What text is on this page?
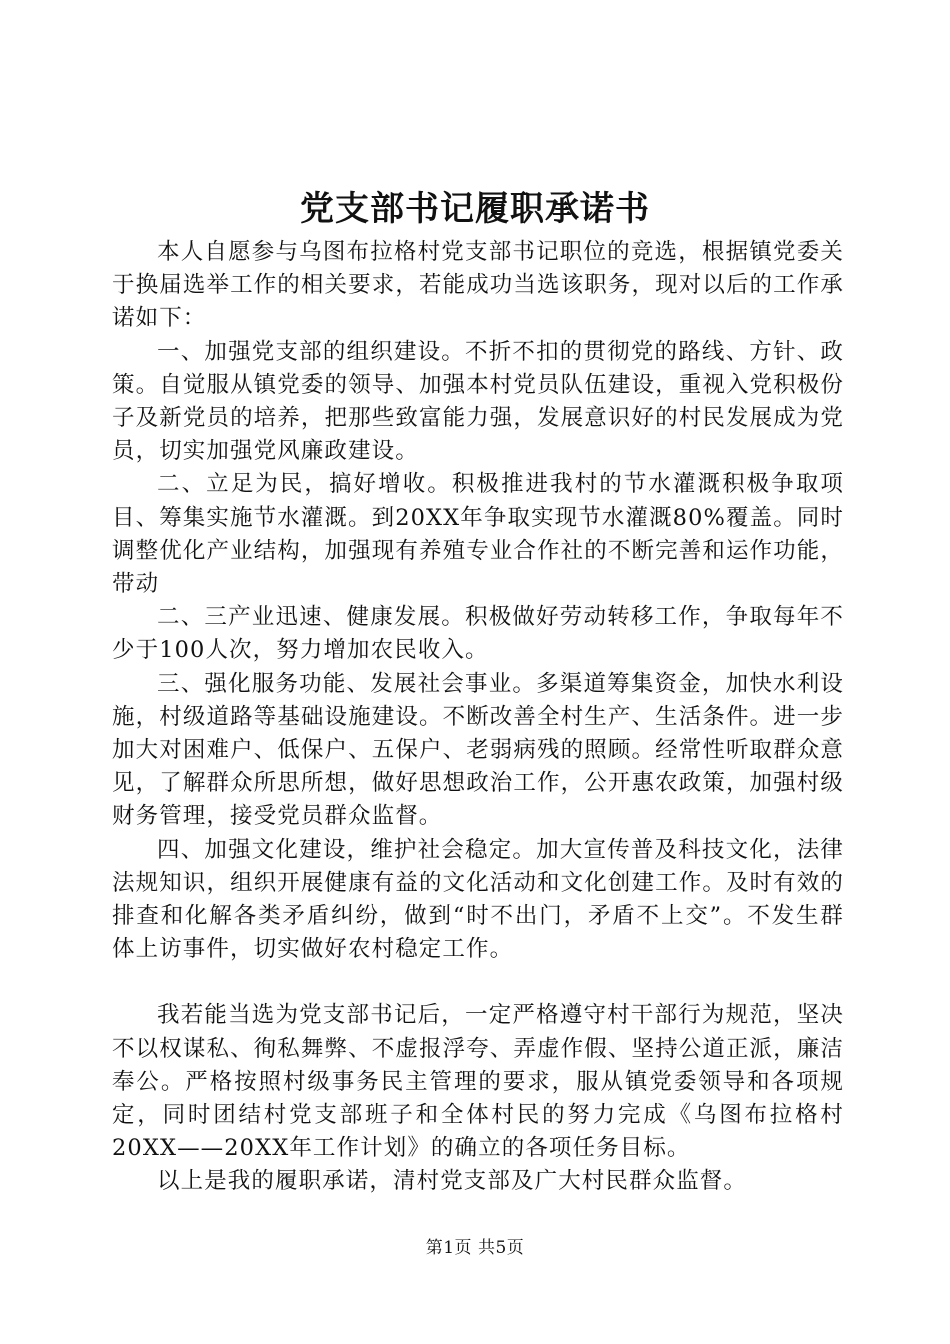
党支部书记履职承诺书

本人自愿参与乌图布拉格村党支部书记职位的竞选，根据镇党委关于换届选举工作的相关要求，若能成功当选该职务，现对以后的工作承诺如下：

一、加强党支部的组织建设。不折不扣的贯彻党的路线、方针、政策。自觉服从镇党委的领导、加强本村党员队伍建设，重视入党积极份子及新党员的培养，把那些致富能力强，发展意识好的村民发展成为党员，切实加强党风廉政建设。

二、立足为民，搞好增收。积极推进我村的节水灌溉积极争取项目、筹集实施节水灌溉。到20XX年争取实现节水灌溉80%覆盖。同时调整优化产业结构，加强现有养殖专业合作社的不断完善和运作功能，带动

二、三产业迅速、健康发展。积极做好劳动转移工作，争取每年不少于100人次，努力增加农民收入。

三、强化服务功能、发展社会事业。多渠道筹集资金，加快水利设施，村级道路等基础设施建设。不断改善全村生产、生活条件。进一步加大对困难户、低保户、五保户、老弱病残的照顾。经常性听取群众意见，了解群众所思所想，做好思想政治工作，公开惠农政策，加强村级财务管理，接受党员群众监督。

四、加强文化建设，维护社会稳定。加大宣传普及科技文化，法律法规知识，组织开展健康有益的文化活动和文化创建工作。及时有效的排查和化解各类矛盾纠纷，做到“时不出门，矛盾不上交”。不发生群体上访事件，切实做好农村稳定工作。

我若能当选为党支部书记后，一定严格遵守村干部行为规范，坚决不以权谋私、徇私舞弊、不虚报浮夸、弄虚作假、坚持公道正派，廉洁奉公。严格按照村级事务民主管理的要求，服从镇党委领导和各项规定，同时团结村党支部班子和全体村民的努力完成《乌图布拉格村20XX——20XX年工作计划》的确立的各项任务目标。

以上是我的履职承诺，清村党支部及广大村民群众监督。

第1页 共5页
